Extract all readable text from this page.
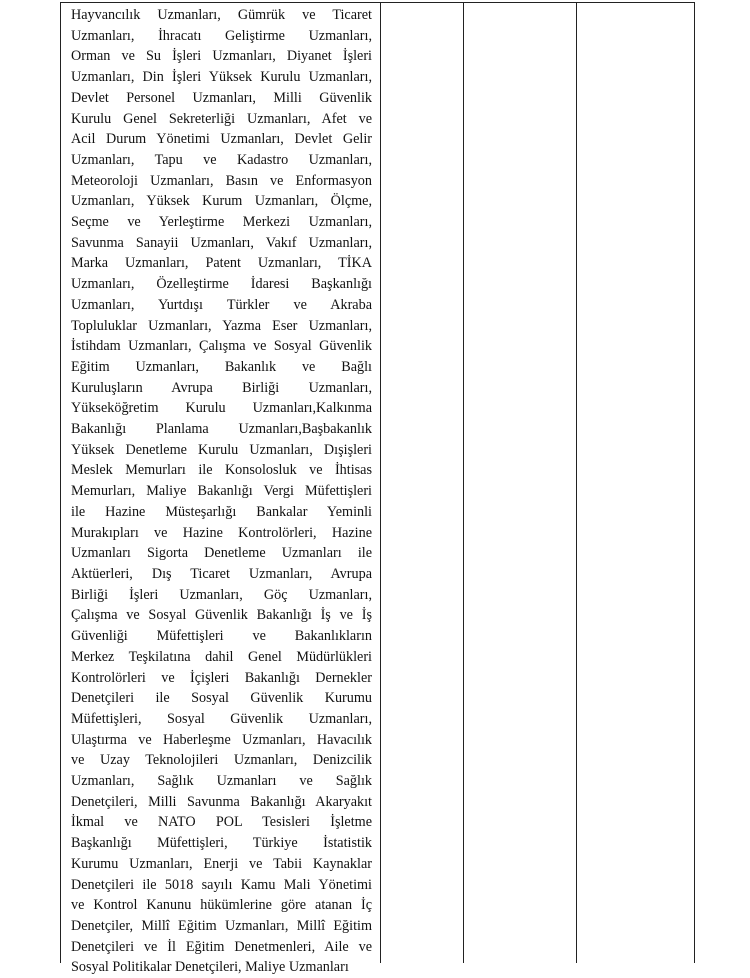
Hayvancılık Uzmanları, Gümrük ve Ticaret
Uzmanları, İhracatı Geliştirme Uzmanları,
Orman ve Su İşleri Uzmanları, Diyanet İşleri
Uzmanları, Din İşleri Yüksek Kurulu Uzmanları,
Devlet Personel Uzmanları, Milli Güvenlik
Kurulu Genel Sekreterliği Uzmanları, Afet ve
Acil Durum Yönetimi Uzmanları, Devlet Gelir
Uzmanları, Tapu ve Kadastro Uzmanları,
Meteoroloji Uzmanları, Basın ve Enformasyon
Uzmanları, Yüksek Kurum Uzmanları, Ölçme,
Seçme ve Yerleştirme Merkezi Uzmanları,
Savunma Sanayii Uzmanları, Vakıf Uzmanları,
Marka Uzmanları, Patent Uzmanları, TİKA
Uzmanları, Özelleştirme İdaresi Başkanlığı
Uzmanları, Yurtdışı Türkler ve Akraba
Topluluklar Uzmanları, Yazma Eser Uzmanları,
İstihdam Uzmanları, Çalışma ve Sosyal Güvenlik
Eğitim Uzmanları, Bakanlık ve Bağlı
Kuruluşların Avrupa Birliği Uzmanları,
Yükseköğretim Kurulu Uzmanları,Kalkınma
Bakanlığı Planlama Uzmanları,Başbakanlık
Yüksek Denetleme Kurulu Uzmanları, Dışişleri
Meslek Memurları ile Konsolosluk ve İhtisas
Memurları, Maliye Bakanlığı Vergi Müfettişleri
ile Hazine Müsteşarlığı Bankalar Yeminli
Murakıpları ve Hazine Kontrolörleri, Hazine
Uzmanları Sigorta Denetleme Uzmanları ile
Aktüerleri, Dış Ticaret Uzmanları, Avrupa
Birliği İşleri Uzmanları, Göç Uzmanları,
Çalışma ve Sosyal Güvenlik Bakanlığı İş ve İş
Güvenliği Müfettişleri ve Bakanlıkların
Merkez Teşkilatına dahil Genel Müdürlükleri
Kontrolörleri ve İçişleri Bakanlığı Dernekler
Denetçileri ile Sosyal Güvenlik Kurumu
Müfettişleri, Sosyal Güvenlik Uzmanları,
Ulaştırma ve Haberleşme Uzmanları, Havacılık
ve Uzay Teknolojileri Uzmanları, Denizcilik
Uzmanları, Sağlık Uzmanları ve Sağlık
Denetçileri, Milli Savunma Bakanlığı Akaryakıt
İkmal ve NATO POL Tesisleri İşletme
Başkanlığı Müfettişleri, Türkiye İstatistik
Kurumu Uzmanları, Enerji ve Tabii Kaynaklar
Denetçileri ile 5018 sayılı Kamu Mali Yönetimi
ve Kontrol Kanunu hükümlerine göre atanan İç
Denetçiler, Millî Eğitim Uzmanları, Millî Eğitim
Denetçileri ve İl Eğitim Denetmenleri, Aile ve
Sosyal Politikalar Denetçileri, Maliye Uzmanları
